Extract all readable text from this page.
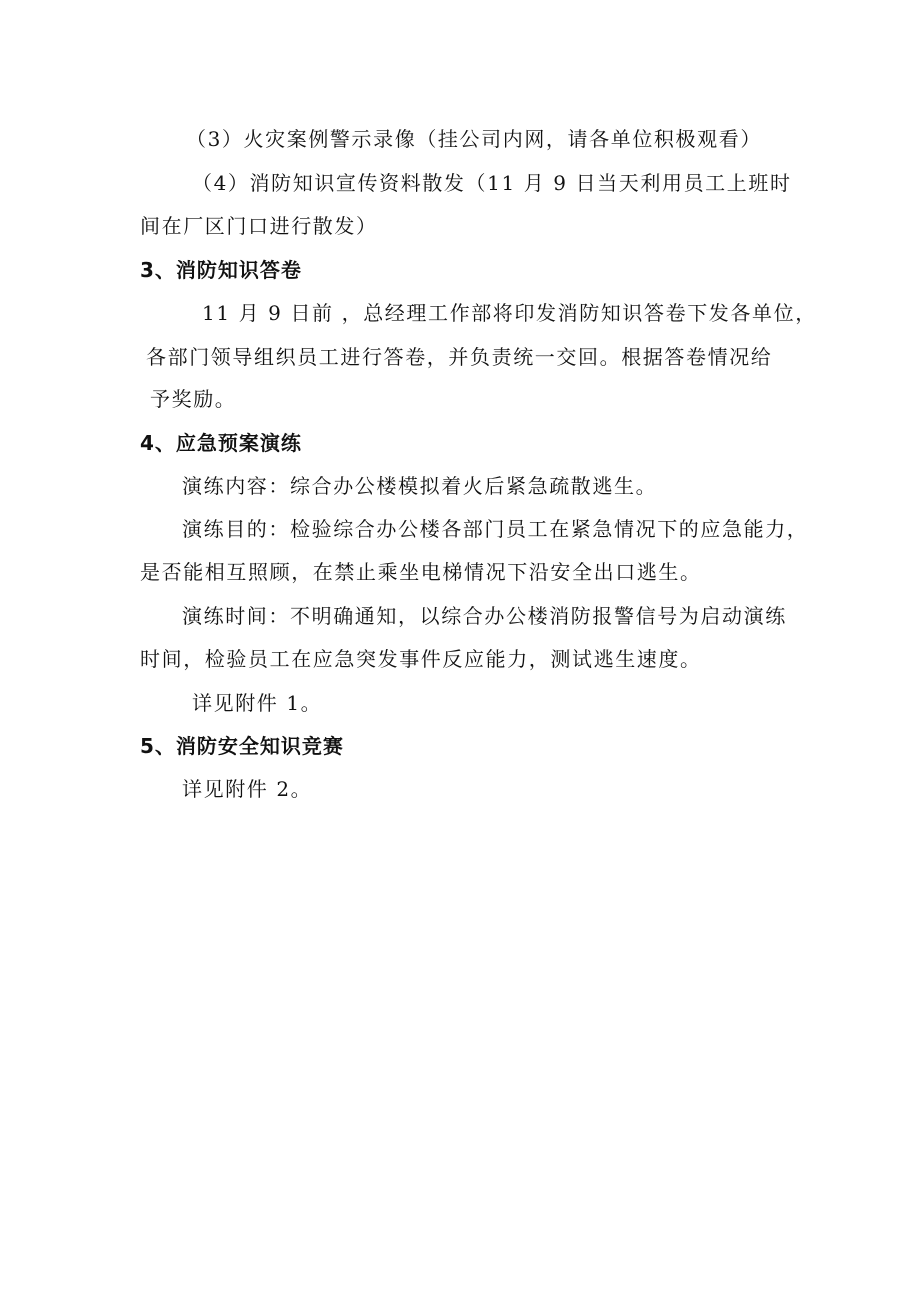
（3）火灾案例警示录像（挂公司内网，请各单位积极观看）
（4）消防知识宣传资料散发（11 月 9 日当天利用员工上班时
间在厂区门口进行散发）
3、消防知识答卷
11 月 9 日前 ，总经理工作部将印发消防知识答卷下发各单位，
各部门领导组织员工进行答卷，并负责统一交回。根据答卷情况给
予奖励。
4、应急预案演练
演练内容：综合办公楼模拟着火后紧急疏散逃生。
演练目的：检验综合办公楼各部门员工在紧急情况下的应急能力，
是否能相互照顾，在禁止乘坐电梯情况下沿安全出口逃生。
演练时间：不明确通知，以综合办公楼消防报警信号为启动演练
时间，检验员工在应急突发事件反应能力，测试逃生速度。
详见附件 1。
5、消防安全知识竞赛
详见附件 2。
